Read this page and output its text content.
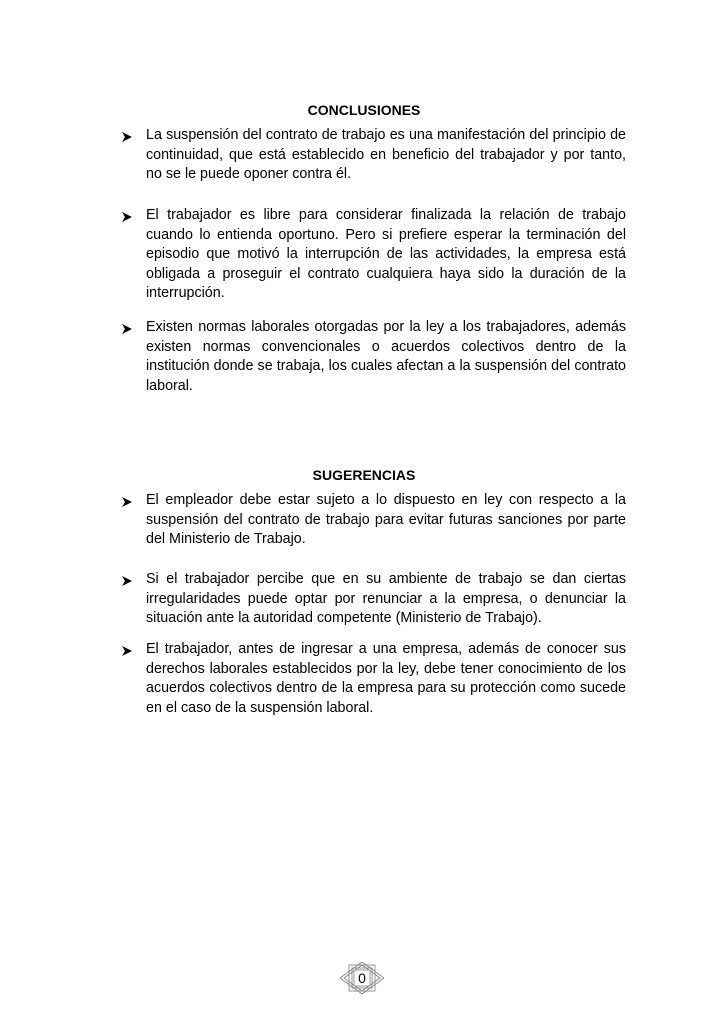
CONCLUSIONES
La suspensión del contrato de trabajo es una manifestación del principio de continuidad, que está establecido en beneficio del trabajador y por tanto, no se le puede oponer contra él.
El trabajador es libre para considerar finalizada la relación de trabajo cuando lo entienda oportuno. Pero si prefiere esperar la terminación del episodio que motivó la interrupción de las actividades, la empresa está obligada a proseguir el contrato cualquiera haya sido la duración de la interrupción.
Existen normas laborales otorgadas por la ley a los trabajadores, además existen normas convencionales o acuerdos colectivos dentro de la institución donde se trabaja, los cuales afectan a la suspensión del contrato laboral.
SUGERENCIAS
El empleador debe estar sujeto a lo dispuesto en ley con respecto a la suspensión del contrato de trabajo para evitar futuras sanciones por parte del Ministerio de Trabajo.
Si el trabajador percibe que en su ambiente de trabajo se dan ciertas irregularidades puede optar por renunciar a la empresa, o denunciar la situación ante la autoridad competente (Ministerio de Trabajo).
El trabajador, antes de ingresar a una empresa, además de conocer sus derechos laborales establecidos por la ley, debe tener conocimiento de los acuerdos colectivos dentro de la empresa para su protección como sucede en el caso de la suspensión laboral.
0
